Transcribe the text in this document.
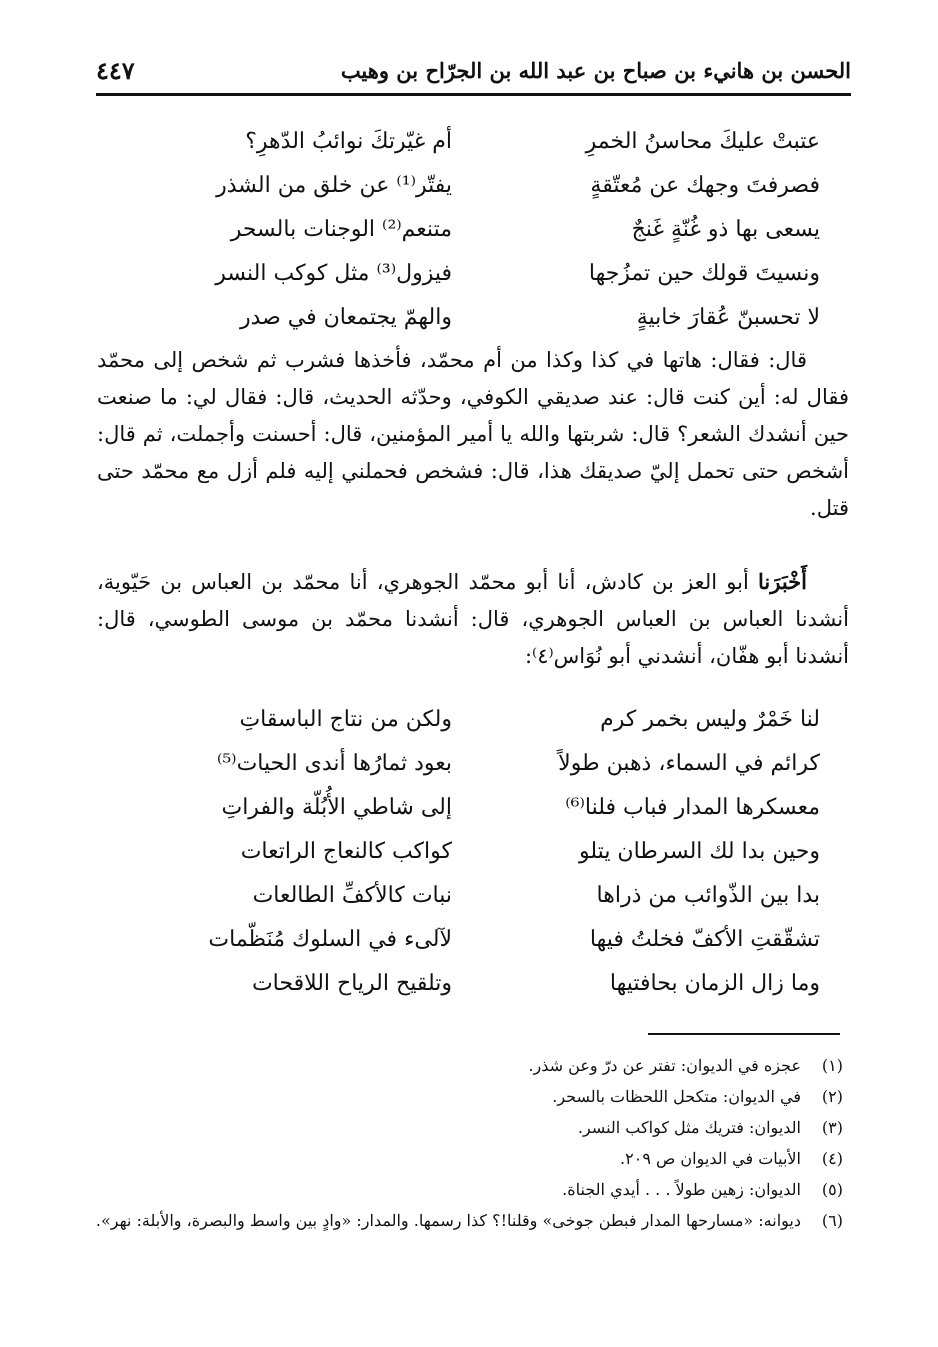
الحسن بن هانيء بن صباح بن عبد الله بن الجرّاح بن وهيب
٤٤٧
عتبتْ عليكَ محاسنُ الخمرِ
أم غيّرتكَ نوائبُ الدّهرِ؟
فصرفتَ وجهك عن مُعتّقةٍ
يفتّر⁽¹⁾ عن خلق من الشذر
يسعى بها ذو غُنّةٍ غَنجٌ
متنعم⁽²⁾ الوجنات بالسحر
ونسيتَ قولك حين تمزُجها
فيزول⁽³⁾ مثل كوكب النسر
لا تحسبنّ عُقارَ خابيةٍ
والهمّ يجتمعان في صدر

قال: فقال: هاتها في كذا وكذا من أم محمّد، فأخذها فشرب ثم شخص إلى محمّد فقال له: أين كنت قال: عند صديقي الكوفي، وحدّثه الحديث، قال: فقال لي: ما صنعت حين أنشدك الشعر؟ قال: شربتها والله يا أمير المؤمنين، قال: أحسنت وأجملت، ثم قال: أشخص حتى تحمل إليّ صديقك هذا، قال: فشخص فحملني إليه فلم أزل مع محمّد حتى قتل.

أَخْبَرَنا أبو العز بن كادش، أنا أبو محمّد الجوهري، أنا محمّد بن العباس بن حَيّوية، أنشدنا العباس بن العباس الجوهري، قال: أنشدنا محمّد بن موسى الطوسي، قال: أنشدنا أبو هفّان، أنشدني أبو نُوَاس⁽٤⁾:

لنا خَمْرٌ وليس بخمر كرم
ولكن من نتاج الباسقاتِ
كرائم في السماء، ذهبن طولاً
بعود ثمارُها أندى الحيات⁽⁵⁾
معسكرها المدار فباب فلنا⁽⁶⁾
إلى شاطي الأُبُلّة والفراتِ
وحين بدا لك السرطان يتلو
كواكب كالنعاج الراتعات
بدا بين الذّوائب من ذراها
نبات كالأكفِّ الطالعات
تشقّقتِ الأكفّ فخلتُ فيها
لآلىء في السلوك مُنَظّمات
وما زال الزمان بحافتيها
وتلقيح الرياح اللاقحات
(١)
عجزه في الديوان: تفتر عن درّ وعن شذر.
(٢)
في الديوان: متكحل اللحظات بالسحر.
(٣)
الديوان: فتريك مثل كواكب النسر.
(٤)
الأبيات في الديوان ص ٢٠٩.
(٥)
الديوان: زهين طولاً . . . أيدي الجناة.
(٦)
ديوانه: «مسارحها المدار فبطن جوخى» وقلنا!؟ كذا رسمها. والمدار: «وادٍ بين واسط والبصرة، والأبلة: نهر».
